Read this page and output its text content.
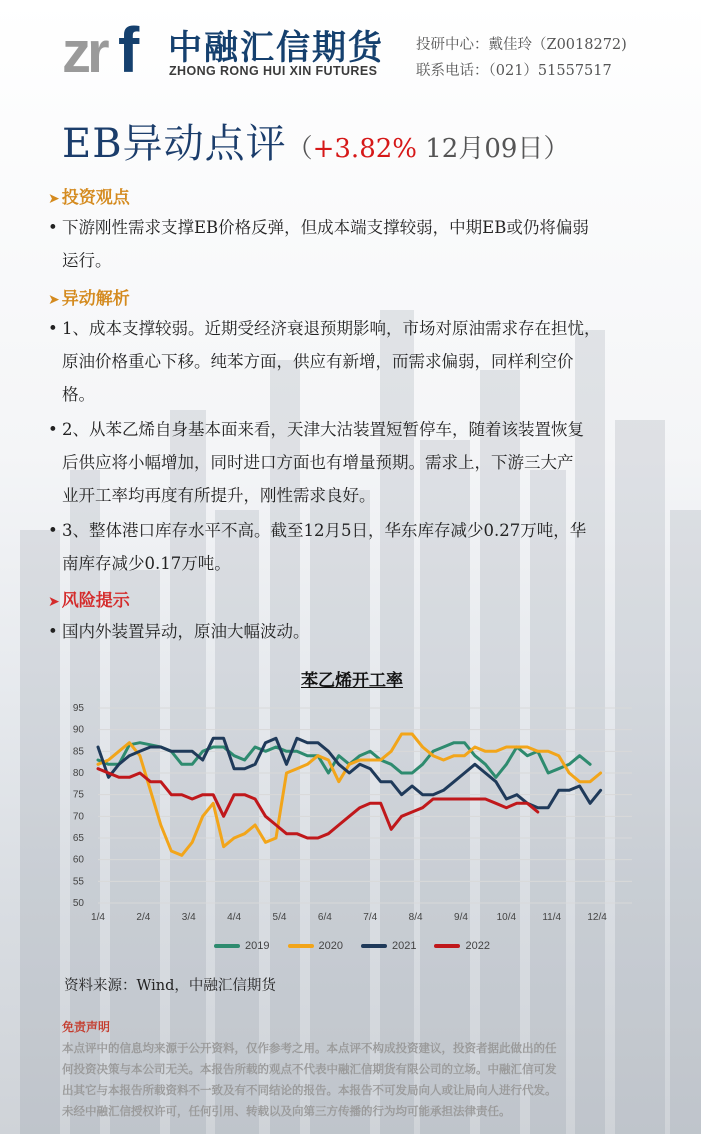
zr f 中融汇信期货
ZHONG RONG HUI XIN FUTURES
投研中心：戴佳玲（Z0018272)
联系电话：（021）51557517
EB异动点评（+3.82% 12月09日）
➤ 投资观点
• 下游刚性需求支撑EB价格反弹，但成本端支撑较弱，中期EB或仍将偏弱
运行。
➤ 异动解析
• 1、成本支撑较弱。近期受经济衰退预期影响，市场对原油需求存在担忧，
原油价格重心下移。纯苯方面，供应有新增，而需求偏弱，同样利空价
格。
• 2、从苯乙烯自身基本面来看，天津大沽装置短暂停车，随着该装置恢复
后供应将小幅增加，同时进口方面也有增量预期。需求上，下游三大产
业开工率均再度有所提升，刚性需求良好。
• 3、整体港口库存水平不高。截至12月5日，华东库存减少0.27万吨，华
南库存减少0.17万吨。
➤ 风险提示
• 国内外装置异动，原油大幅波动。
苯乙烯开工率
50
55
60
65
70
75
80
85
90
95
1/4	2/4	3/4	4/4	5/4	6/4	7/4	8/4	9/4	10/4	11/4	12/4
2019	2020	2021	2022
资料来源：Wind，中融汇信期货
免责声明
本点评中的信息均来源于公开资料，仅作参考之用。本点评不构成投资建议，投资者据此做出的任
何投资决策与本公司无关。本报告所载的观点不代表中融汇信期货有限公司的立场。中融汇信可发
出其它与本报告所载资料不一致及有不同结论的报告。本报告不可发局向人或让局向人进行代发。
未经中融汇信授权许可，任何引用、转载以及向第三方传播的行为均可能承担法律责任。
